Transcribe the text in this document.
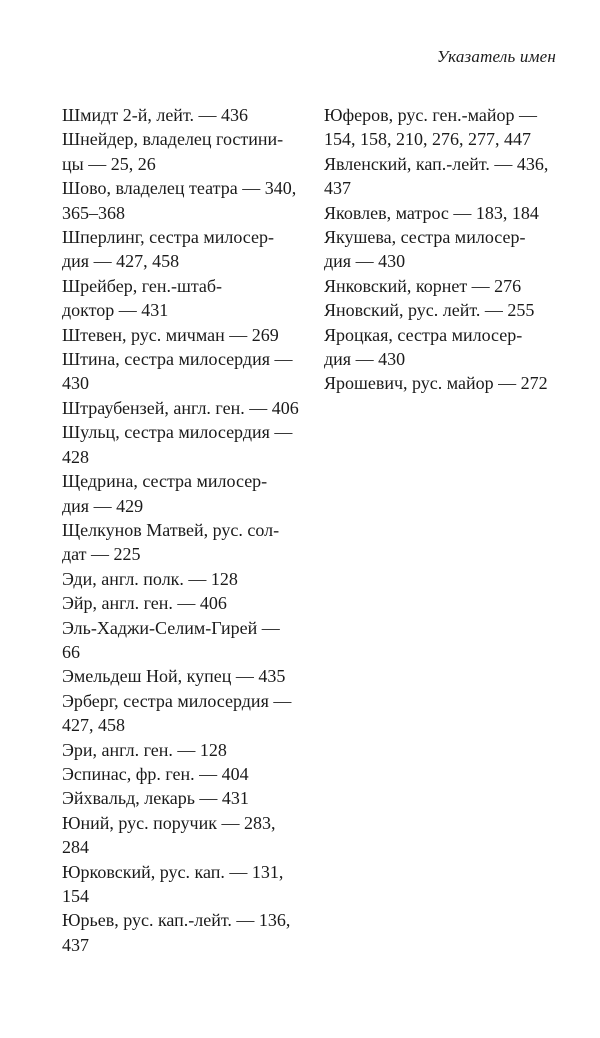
Указатель имен
Шмидт 2-й, лейт. — 436
Шнейдер, владелец гостини-
цы — 25, 26
Шово, владелец театра — 340,
365–368
Шперлинг, сестра милосер-
дия — 427, 458
Шрейбер, ген.-штаб-
доктор — 431
Штевен, рус. мичман — 269
Штина, сестра милосердия —
430
Штраубензей, англ. ген. — 406
Шульц, сестра милосердия —
428
Щедрина, сестра милосер-
дия — 429
Щелкунов Матвей, рус. сол-
дат — 225
Эди, англ. полк. — 128
Эйр, англ. ген. — 406
Эль-Хаджи-Селим-Гирей —
66
Эмельдеш Ной, купец — 435
Эрберг, сестра милосердия —
427, 458
Эри, англ. ген. — 128
Эспинас, фр. ген. — 404
Эйхвальд, лекарь — 431
Юний, рус. поручик — 283,
284
Юрковский, рус. кап. — 131,
154
Юрьев, рус. кап.-лейт. — 136,
437
Юферов, рус. ген.-майор —
154, 158, 210, 276, 277, 447
Явленский, кап.-лейт. — 436,
437
Яковлев, матрос — 183, 184
Якушева, сестра милосер-
дия — 430
Янковский, корнет — 276
Яновский, рус. лейт. — 255
Яроцкая, сестра милосер-
дия — 430
Ярошевич, рус. майор — 272
